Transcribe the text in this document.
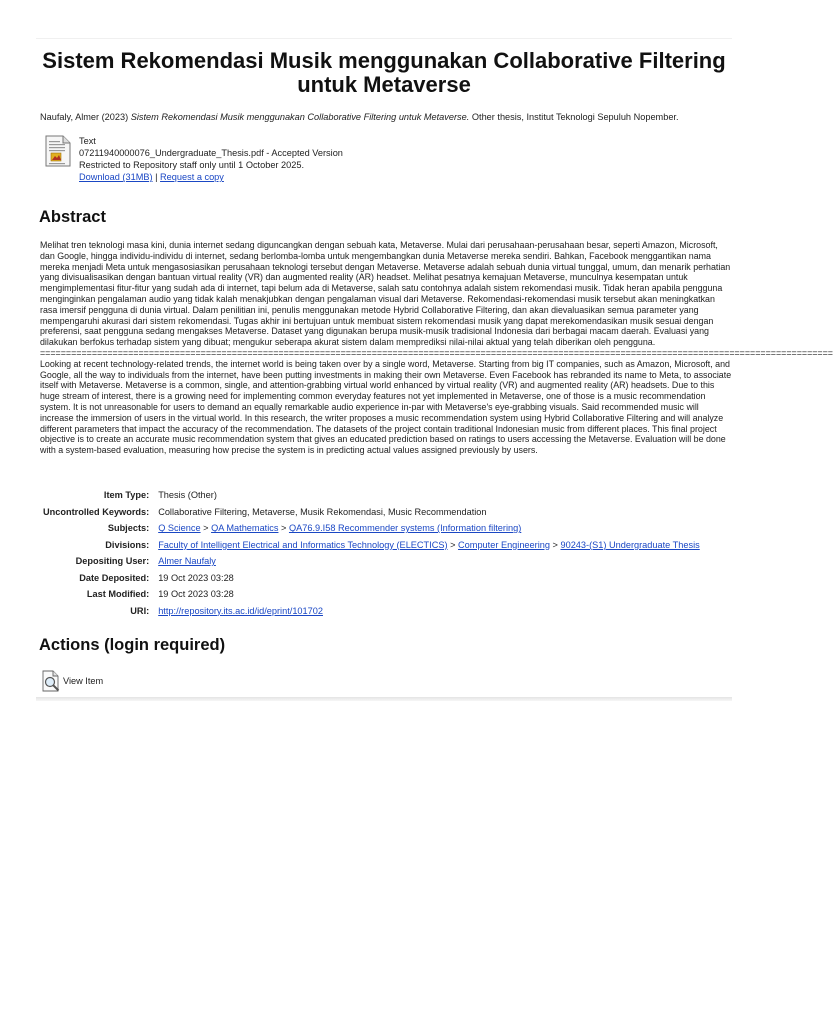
Sistem Rekomendasi Musik menggunakan Collaborative Filtering untuk Metaverse
Naufaly, Almer (2023) Sistem Rekomendasi Musik menggunakan Collaborative Filtering untuk Metaverse. Other thesis, Institut Teknologi Sepuluh Nopember.
Text
07211940000076_Undergraduate_Thesis.pdf - Accepted Version
Restricted to Repository staff only until 1 October 2025.
Download (31MB) | Request a copy
Abstract

Melihat tren teknologi masa kini, dunia internet sedang diguncangkan dengan sebuah kata, Metaverse. Mulai dari perusahaan-perusahaan besar, seperti Amazon, Microsoft, dan Google, hingga individu-individu di internet, sedang berlomba-lomba untuk mengembangkan dunia Metaverse mereka sendiri. Bahkan, Facebook menggantikan nama mereka menjadi Meta untuk mengasosiasikan perusahaan teknologi tersebut dengan Metaverse. Metaverse adalah sebuah dunia virtual tunggal, umum, dan menarik perhatian yang divisualisasikan dengan bantuan virtual reality (VR) dan augmented reality (AR) headset. Melihat pesatnya kemajuan Metaverse, munculnya kesempatan untuk mengimplementasi fitur-fitur yang sudah ada di internet, tapi belum ada di Metaverse, salah satu contohnya adalah sistem rekomendasi musik. Tidak heran apabila pengguna menginginkan pengalaman audio yang tidak kalah menakjubkan dengan pengalaman visual dari Metaverse. Rekomendasi-rekomendasi musik tersebut akan meningkatkan rasa imersif pengguna di dunia virtual. Dalam penilitian ini, penulis menggunakan metode Hybrid Collaborative Filtering, dan akan dievaluasikan semua parameter yang mempengaruhi akurasi dari sistem rekomendasi. Tugas akhir ini bertujuan untuk membuat sistem rekomendasi musik yang dapat merekomendasikan musik sesuai dengan preferensi, saat pengguna sedang mengakses Metaverse. Dataset yang digunakan berupa musik-musik tradisional Indonesia dari berbagai macam daerah. Evaluasi yang dilakukan berfokus terhadap sistem yang dibuat; mengukur seberapa akurat sistem dalam memprediksi nilai-nilai aktual yang telah diberikan oleh pengguna.

=========================================================================================================================================================

Looking at recent technology-related trends, the internet world is being taken over by a single word, Metaverse. Starting from big IT companies, such as Amazon, Microsoft, and Google, all the way to individuals from the internet, have been putting investments in making their own Metaverse. Even Facebook has rebranded its name to Meta, to associate itself with Metaverse. Metaverse is a common, single, and attention-grabbing virtual world enhanced by virtual reality (VR) and augmented reality (AR) headsets. Due to this huge stream of interest, there is a growing need for implementing common everyday features not yet implemented in Metaverse, one of those is a music recommendation system. It is not unreasonable for users to demand an equally remarkable audio experience in-par with Metaverse's eye-grabbing visuals. Said recommended music will increase the immersion of users in the virtual world. In this research, the writer proposes a music recommendation system using Hybrid Collaborative Filtering and will analyze different parameters that impact the accuracy of the recommendation. The datasets of the project contain traditional Indonesian music from different places. This final project objective is to create an accurate music recommendation system that gives an educated prediction based on ratings to users accessing the Metaverse. Evaluation will be done with a system-based evaluation, measuring how precise the system is in predicting actual values assigned previously by users.

Item Type:	Thesis (Other)
Uncontrolled Keywords:	Collaborative Filtering, Metaverse, Musik Rekomendasi, Music Recommendation
Subjects:	Q Science > QA Mathematics > QA76.9.I58 Recommender systems (Information filtering)
Divisions:	Faculty of Intelligent Electrical and Informatics Technology (ELECTICS) > Computer Engineering > 90243-(S1) Undergraduate Thesis
Depositing User:	Almer Naufaly
Date Deposited:	19 Oct 2023 03:28
Last Modified:	19 Oct 2023 03:28
URI:	http://repository.its.ac.id/id/eprint/101702
Actions (login required)
View Item
